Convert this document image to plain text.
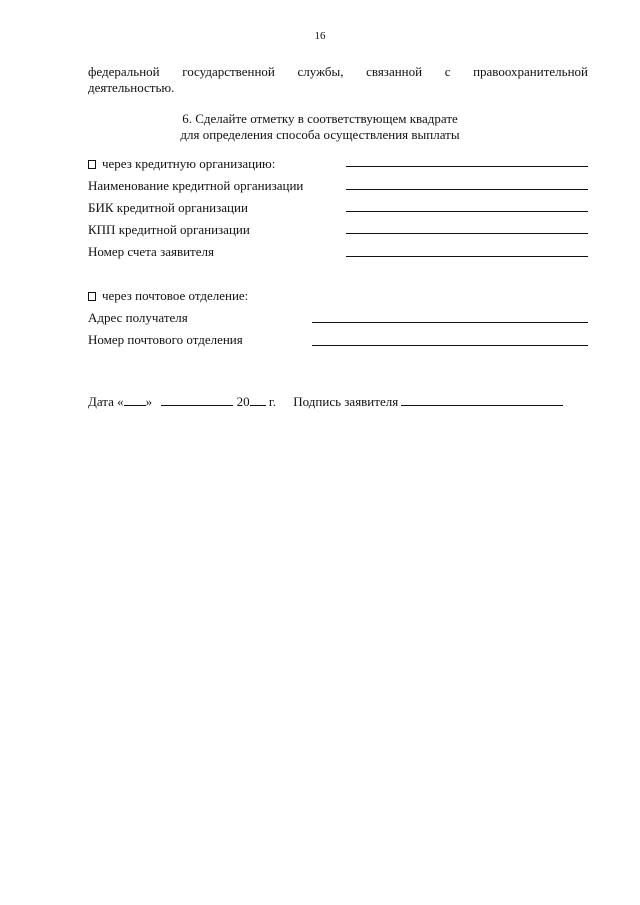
16
федеральной государственной службы, связанной с правоохранительной
деятельностью.
6. Сделайте отметку в соответствующем квадрате
для определения способа осуществления выплаты
через кредитную организацию:
Наименование кредитной организации
БИК кредитной организации
КПП кредитной организации
Номер счета заявителя
через почтовое отделение:
Адрес получателя
Номер почтового отделения
Дата « »	20 г. Подпись заявителя
